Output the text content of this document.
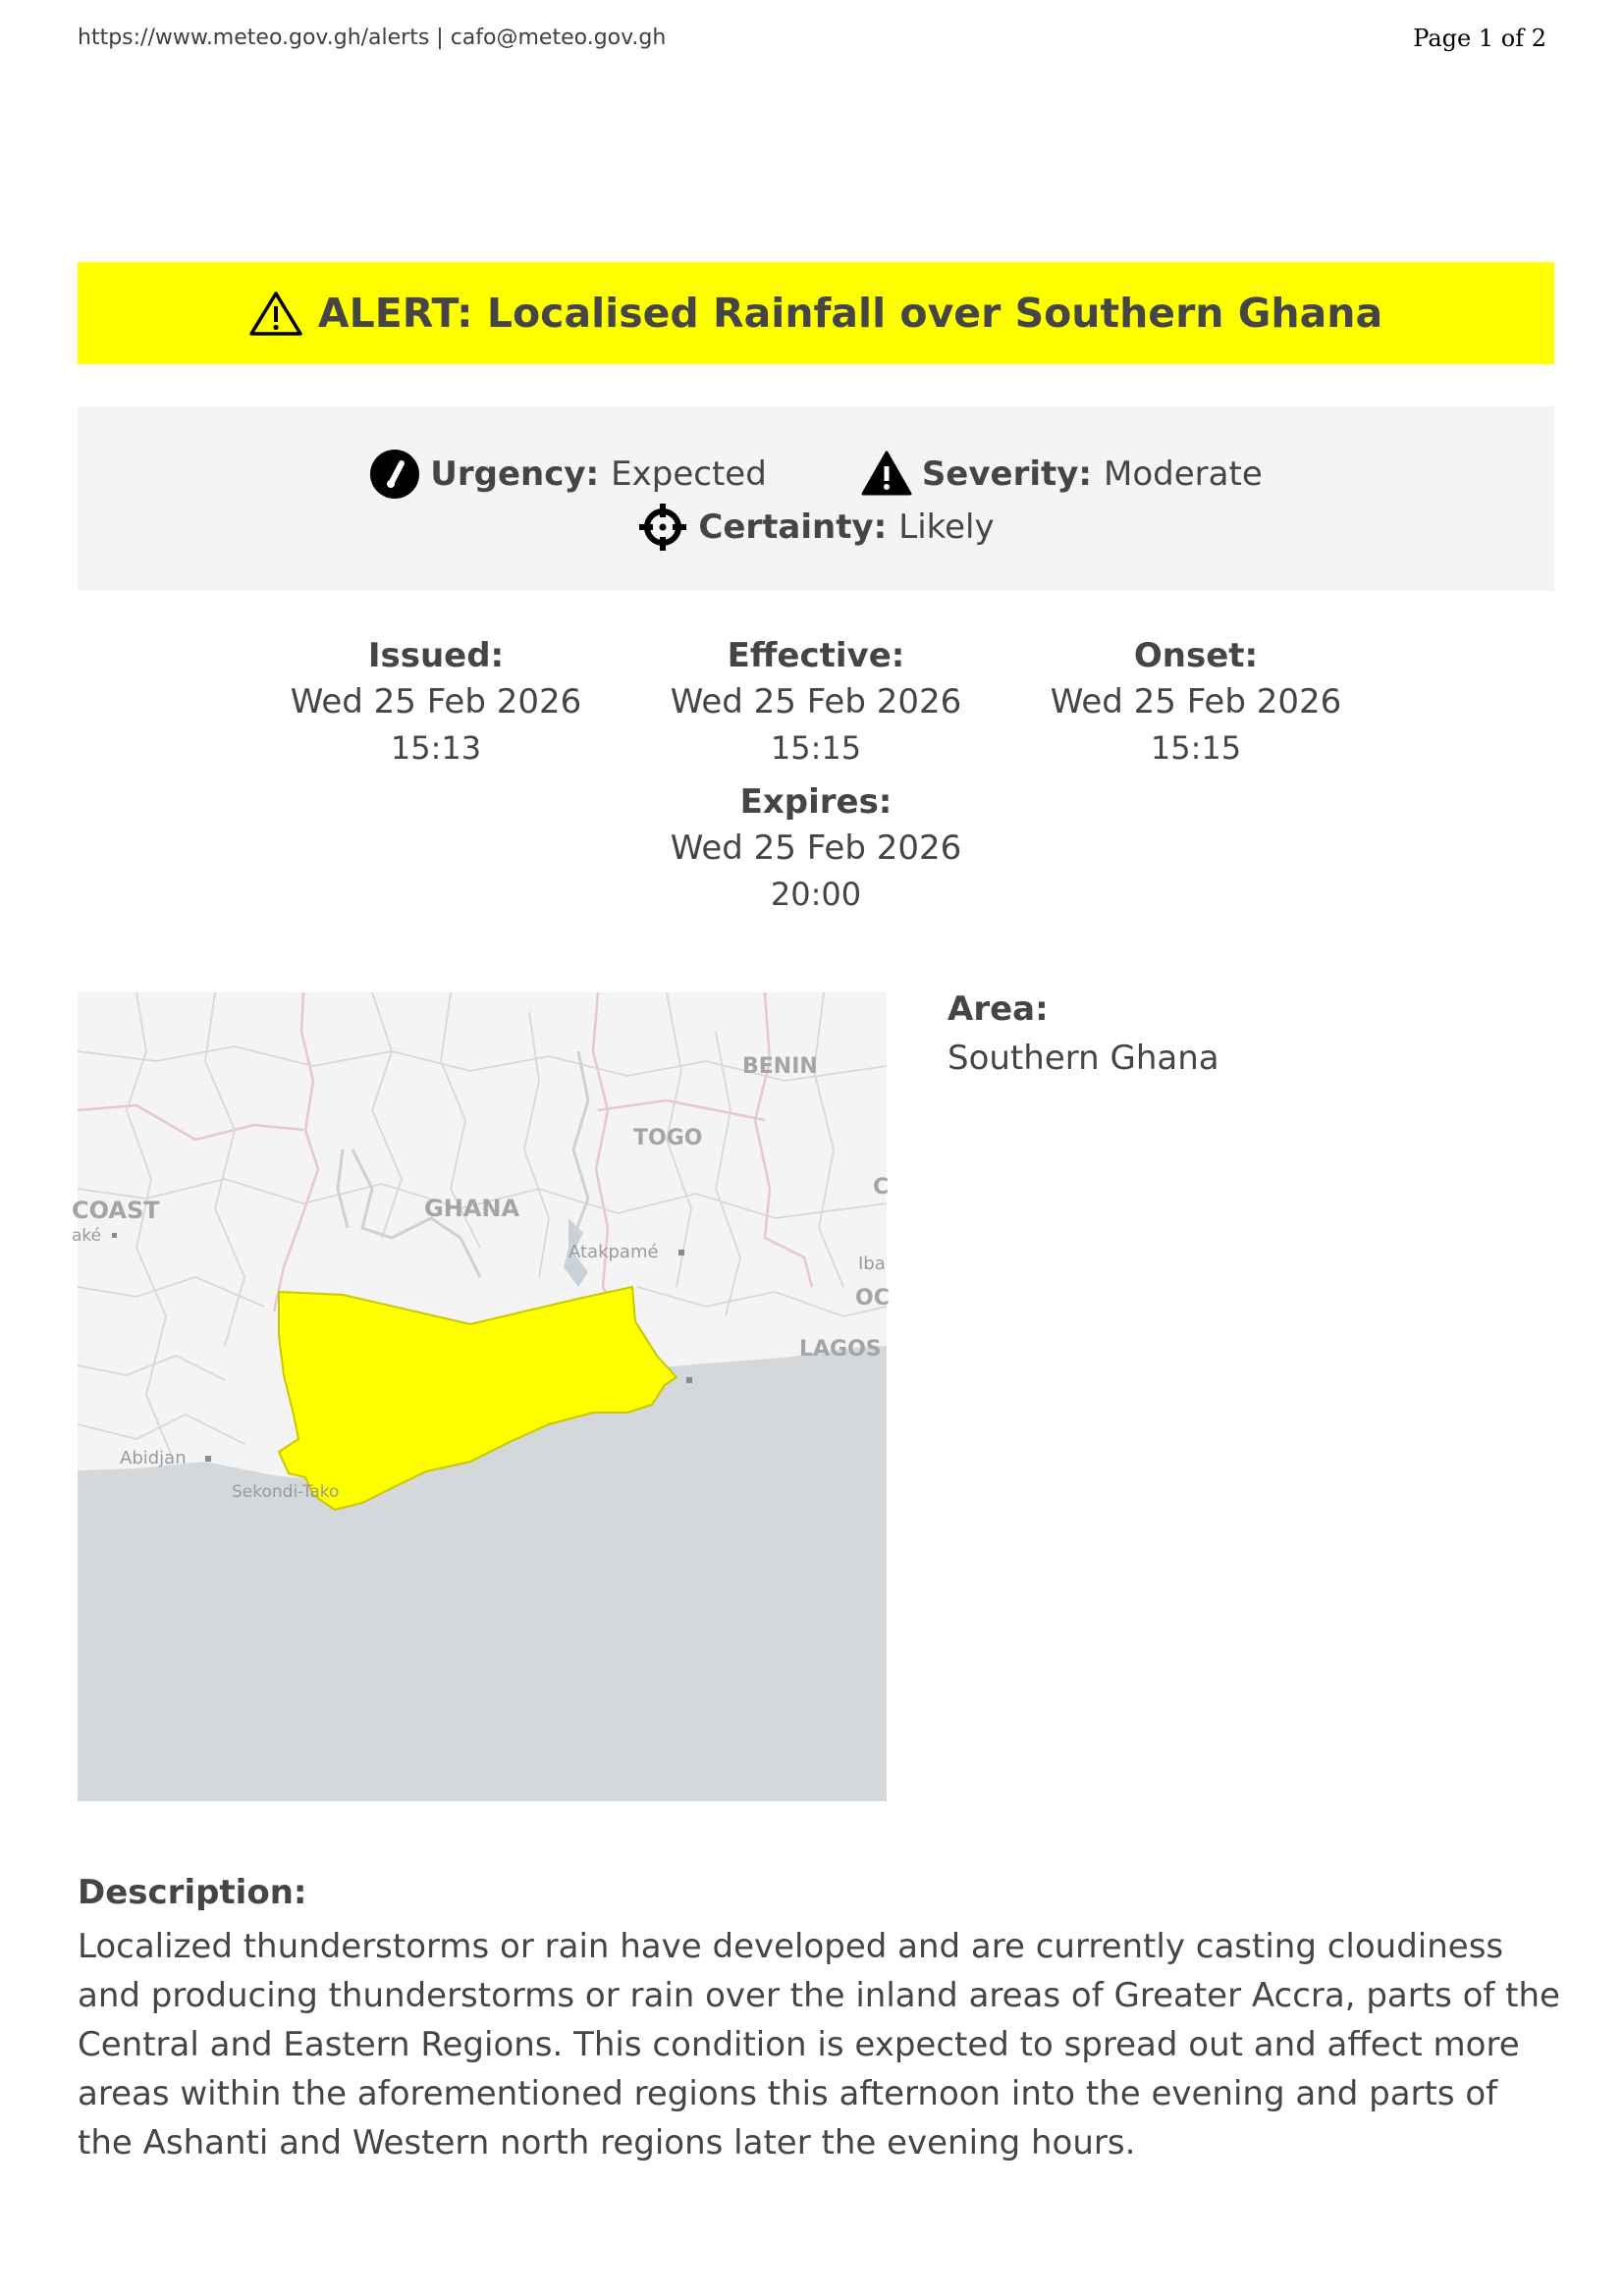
https://www.meteo.gov.gh/alerts | cafo@meteo.gov.gh	Page 1 of 2
ALERT: Localised Rainfall over Southern Ghana
Urgency: Expected	Severity: Moderate
Certainty: Likely
Issued:
Wed 25 Feb 2026
15:13
Effective:
Wed 25 Feb 2026
15:15
Onset:
Wed 25 Feb 2026
15:15
Expires:
Wed 25 Feb 2026
20:00
BENIN
TOGO
GHANA
COAST
C
OC
LAGOS
aké
Atakpamé
Iba
Abidjan
Sekondi-Tako
Area:
Southern Ghana
Description:
Localized thunderstorms or rain have developed and are currently casting cloudiness and producing thunderstorms or rain over the inland areas of Greater Accra, parts of the Central and Eastern Regions. This condition is expected to spread out and affect more areas within the aforementioned regions this afternoon into the evening and parts of the Ashanti and Western north regions later the evening hours.
